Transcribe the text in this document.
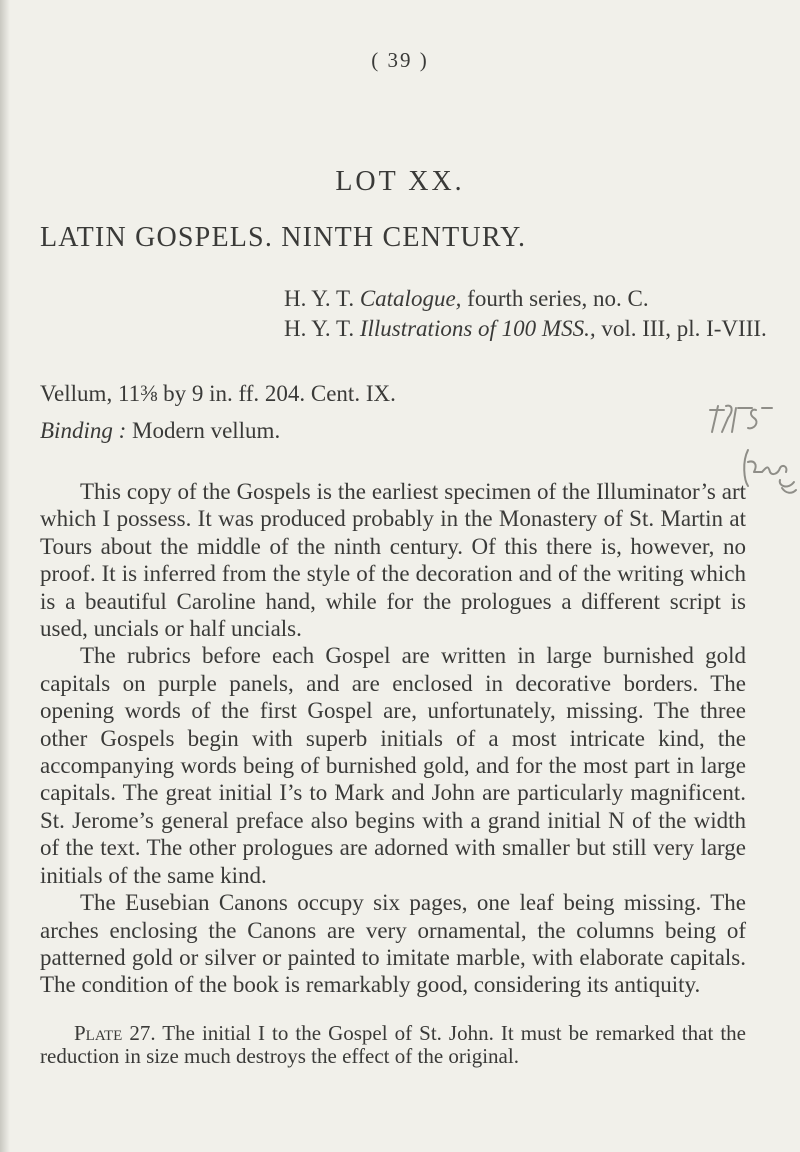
( 39 )
LOT XX.
LATIN GOSPELS. NINTH CENTURY.
H. Y. T. Catalogue, fourth series, no. C.
H. Y. T. Illustrations of 100 MSS., vol. III, pl. I-VIII.
Vellum, 11⅜ by 9 in. ff. 204. Cent. IX.
Binding : Modern vellum.

This copy of the Gospels is the earliest specimen of the Illuminator’s art which I possess. It was produced probably in the Monastery of St. Martin at Tours about the middle of the ninth century. Of this there is, however, no proof. It is inferred from the style of the decoration and of the writing which is a beautiful Caroline hand, while for the prologues a different script is used, uncials or half uncials.

The rubrics before each Gospel are written in large burnished gold capitals on purple panels, and are enclosed in decorative borders. The opening words of the first Gospel are, unfortunately, missing. The three other Gospels begin with superb initials of a most intricate kind, the accompanying words being of burnished gold, and for the most part in large capitals. The great initial I’s to Mark and John are particularly magnificent. St. Jerome’s general preface also begins with a grand initial N of the width of the text. The other prologues are adorned with smaller but still very large initials of the same kind.

The Eusebian Canons occupy six pages, one leaf being missing. The arches enclosing the Canons are very ornamental, the columns being of patterned gold or silver or painted to imitate marble, with elaborate capitals. The condition of the book is remarkably good, considering its antiquity.

Plate 27. The initial I to the Gospel of St. John. It must be remarked that the reduction in size much destroys the effect of the original.
